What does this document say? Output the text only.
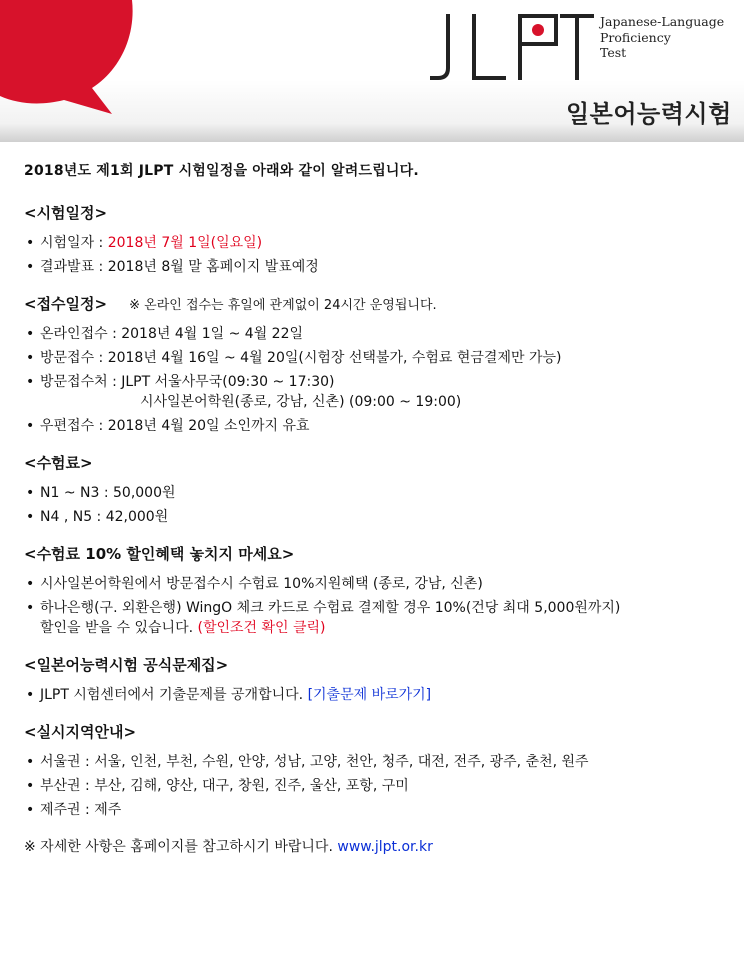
Japanese-Language
Proficiency
Test
일본어능력시험

2018년도 제1회 JLPT 시험일정을 아래와 같이 알려드립니다.

<시험일정>
• 시험일자 : 2018년 7월 1일(일요일)
• 결과발표 : 2018년 8월 말 홈페이지 발표예정
<접수일정> ※ 온라인 접수는 휴일에 관계없이 24시간 운영됩니다.
• 온라인접수 : 2018년 4월 1일 ~ 4월 22일
• 방문접수 : 2018년 4월 16일 ~ 4월 20일(시험장 선택불가, 수험료 현금결제만 가능)
• 방문접수처 : JLPT 서울사무국(09:30 ~ 17:30)
시사일본어학원(종로, 강남, 신촌) (09:00 ~ 19:00)
• 우편접수 : 2018년 4월 20일 소인까지 유효
<수험료>
• N1 ~ N3 : 50,000원
• N4 , N5 : 42,000원
<수험료 10% 할인혜택 놓치지 마세요>
• 시사일본어학원에서 방문접수시 수험료 10%지원혜택 (종로, 강남, 신촌)
• 하나은행(구. 외환은행) WingO 체크 카드로 수험료 결제할 경우 10%(건당 최대 5,000원까지)
할인을 받을 수 있습니다. (할인조건 확인 클릭)
<일본어능력시험 공식문제집>
• JLPT 시험센터에서 기출문제를 공개합니다. [기출문제 바로가기]
<실시지역안내>
• 서울권 : 서울, 인천, 부천, 수원, 안양, 성남, 고양, 천안, 청주, 대전, 전주, 광주, 춘천, 원주
• 부산권 : 부산, 김해, 양산, 대구, 창원, 진주, 울산, 포항, 구미
• 제주권 : 제주
※ 자세한 사항은 홈페이지를 참고하시기 바랍니다. www.jlpt.or.kr
